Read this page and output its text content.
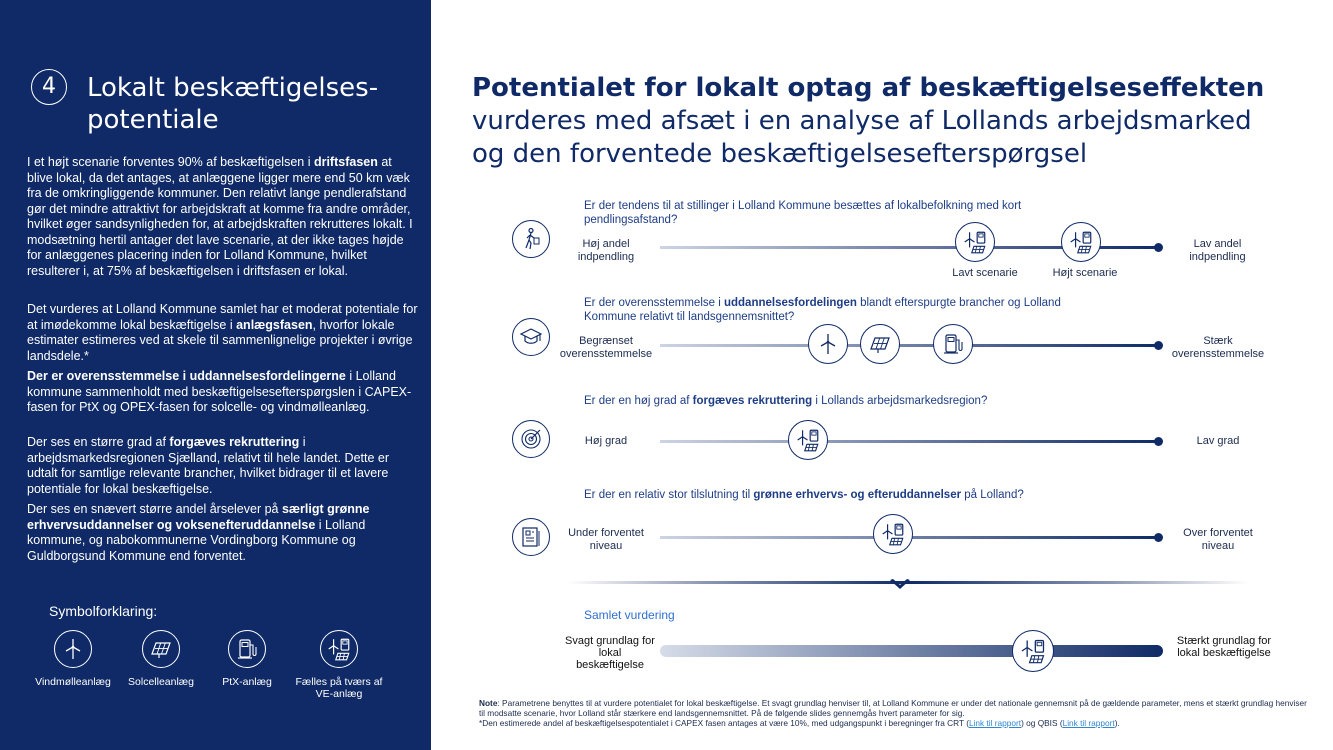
4	Lokalt beskæftigelses-
potentiale
I et højt scenarie forventes 90% af beskæftigelsen i driftsfasen at blive lokal, da det antages, at anlæggene ligger mere end 50 km væk fra de omkringliggende kommuner. Den relativt lange pendlerafstand gør det mindre attraktivt for arbejdskraft at komme fra andre områder, hvilket øger sandsynligheden for, at arbejdskraften rekrutteres lokalt. I modsætning hertil antager det lave scenarie, at der ikke tages højde for anlæggenes placering inden for Lolland Kommune, hvilket resulterer i, at 75% af beskæftigelsen i driftsfasen er lokal.
Det vurderes at Lolland Kommune samlet har et moderat potentiale for at imødekomme lokal beskæftigelse i anlægsfasen, hvorfor lokale estimater estimeres ved at skele til sammenlignelige projekter i øvrige landsdele.*
Der er overensstemmelse i uddannelsesfordelingerne i Lolland kommune sammenholdt med beskæftigelsesefterspørgslen i CAPEX-fasen for PtX og OPEX-fasen for solcelle- og vindmølleanlæg.
Der ses en større grad af forgæves rekruttering i arbejdsmarkedsregionen Sjælland, relativt til hele landet. Dette er udtalt for samtlige relevante brancher, hvilket bidrager til et lavere potentiale for lokal beskæftigelse.
Der ses en snævert større andel årselever på særligt grønne erhvervsuddannelser og voksenefteruddannelse i Lolland kommune, og nabokommunerne Vordingborg Kommune og Guldborgsund Kommune end forventet.
Symbolforklaring:
Vindmølleanlæg	Solcelleanlæg	PtX-anlæg	Fælles på tværs af VE-anlæg
Potentialet for lokalt optag af beskæftigelseseffekten
vurderes med afsæt i en analyse af Lollands arbejdsmarked
og den forventede beskæftigelsesefterspørgsel
Er der tendens til at stillinger i Lolland Kommune besættes af lokalbefolkning med kort pendlingsafstand?
Høj andel indpendling
Lav andel indpendling
Lavt scenarie	Højt scenarie
Er der overensstemmelse i uddannelsesfordelingen blandt efterspurgte brancher og Lolland Kommune relativt til landsgennemsnittet?
Begrænset overensstemmelse
Stærk overensstemmelse
Er der en høj grad af forgæves rekruttering i Lollands arbejdsmarkedsregion?
Høj grad	Lav grad
Er der en relativ stor tilslutning til grønne erhvervs- og efteruddannelser på Lolland?
Under forventet niveau
Over forventet niveau
Samlet vurdering
Svagt grundlag for lokal beskæftigelse
Stærkt grundlag for lokal beskæftigelse
Note: Parametrene benyttes til at vurdere potentialet for lokal beskæftigelse. Et svagt grundlag henviser til, at Lolland Kommune er under det nationale gennemsnit på de gældende parameter, mens et stærkt grundlag henviser til modsatte scenarie, hvor Lolland står stærkere end landsgennemsnittet. På de følgende slides gennemgås hvert parameter for sig.
*Den estimerede andel af beskæftigelsespotentialet i CAPEX fasen antages at være 10%, med udgangspunkt i beregninger fra CRT (Link til rapport) og QBIS (Link til rapport).
